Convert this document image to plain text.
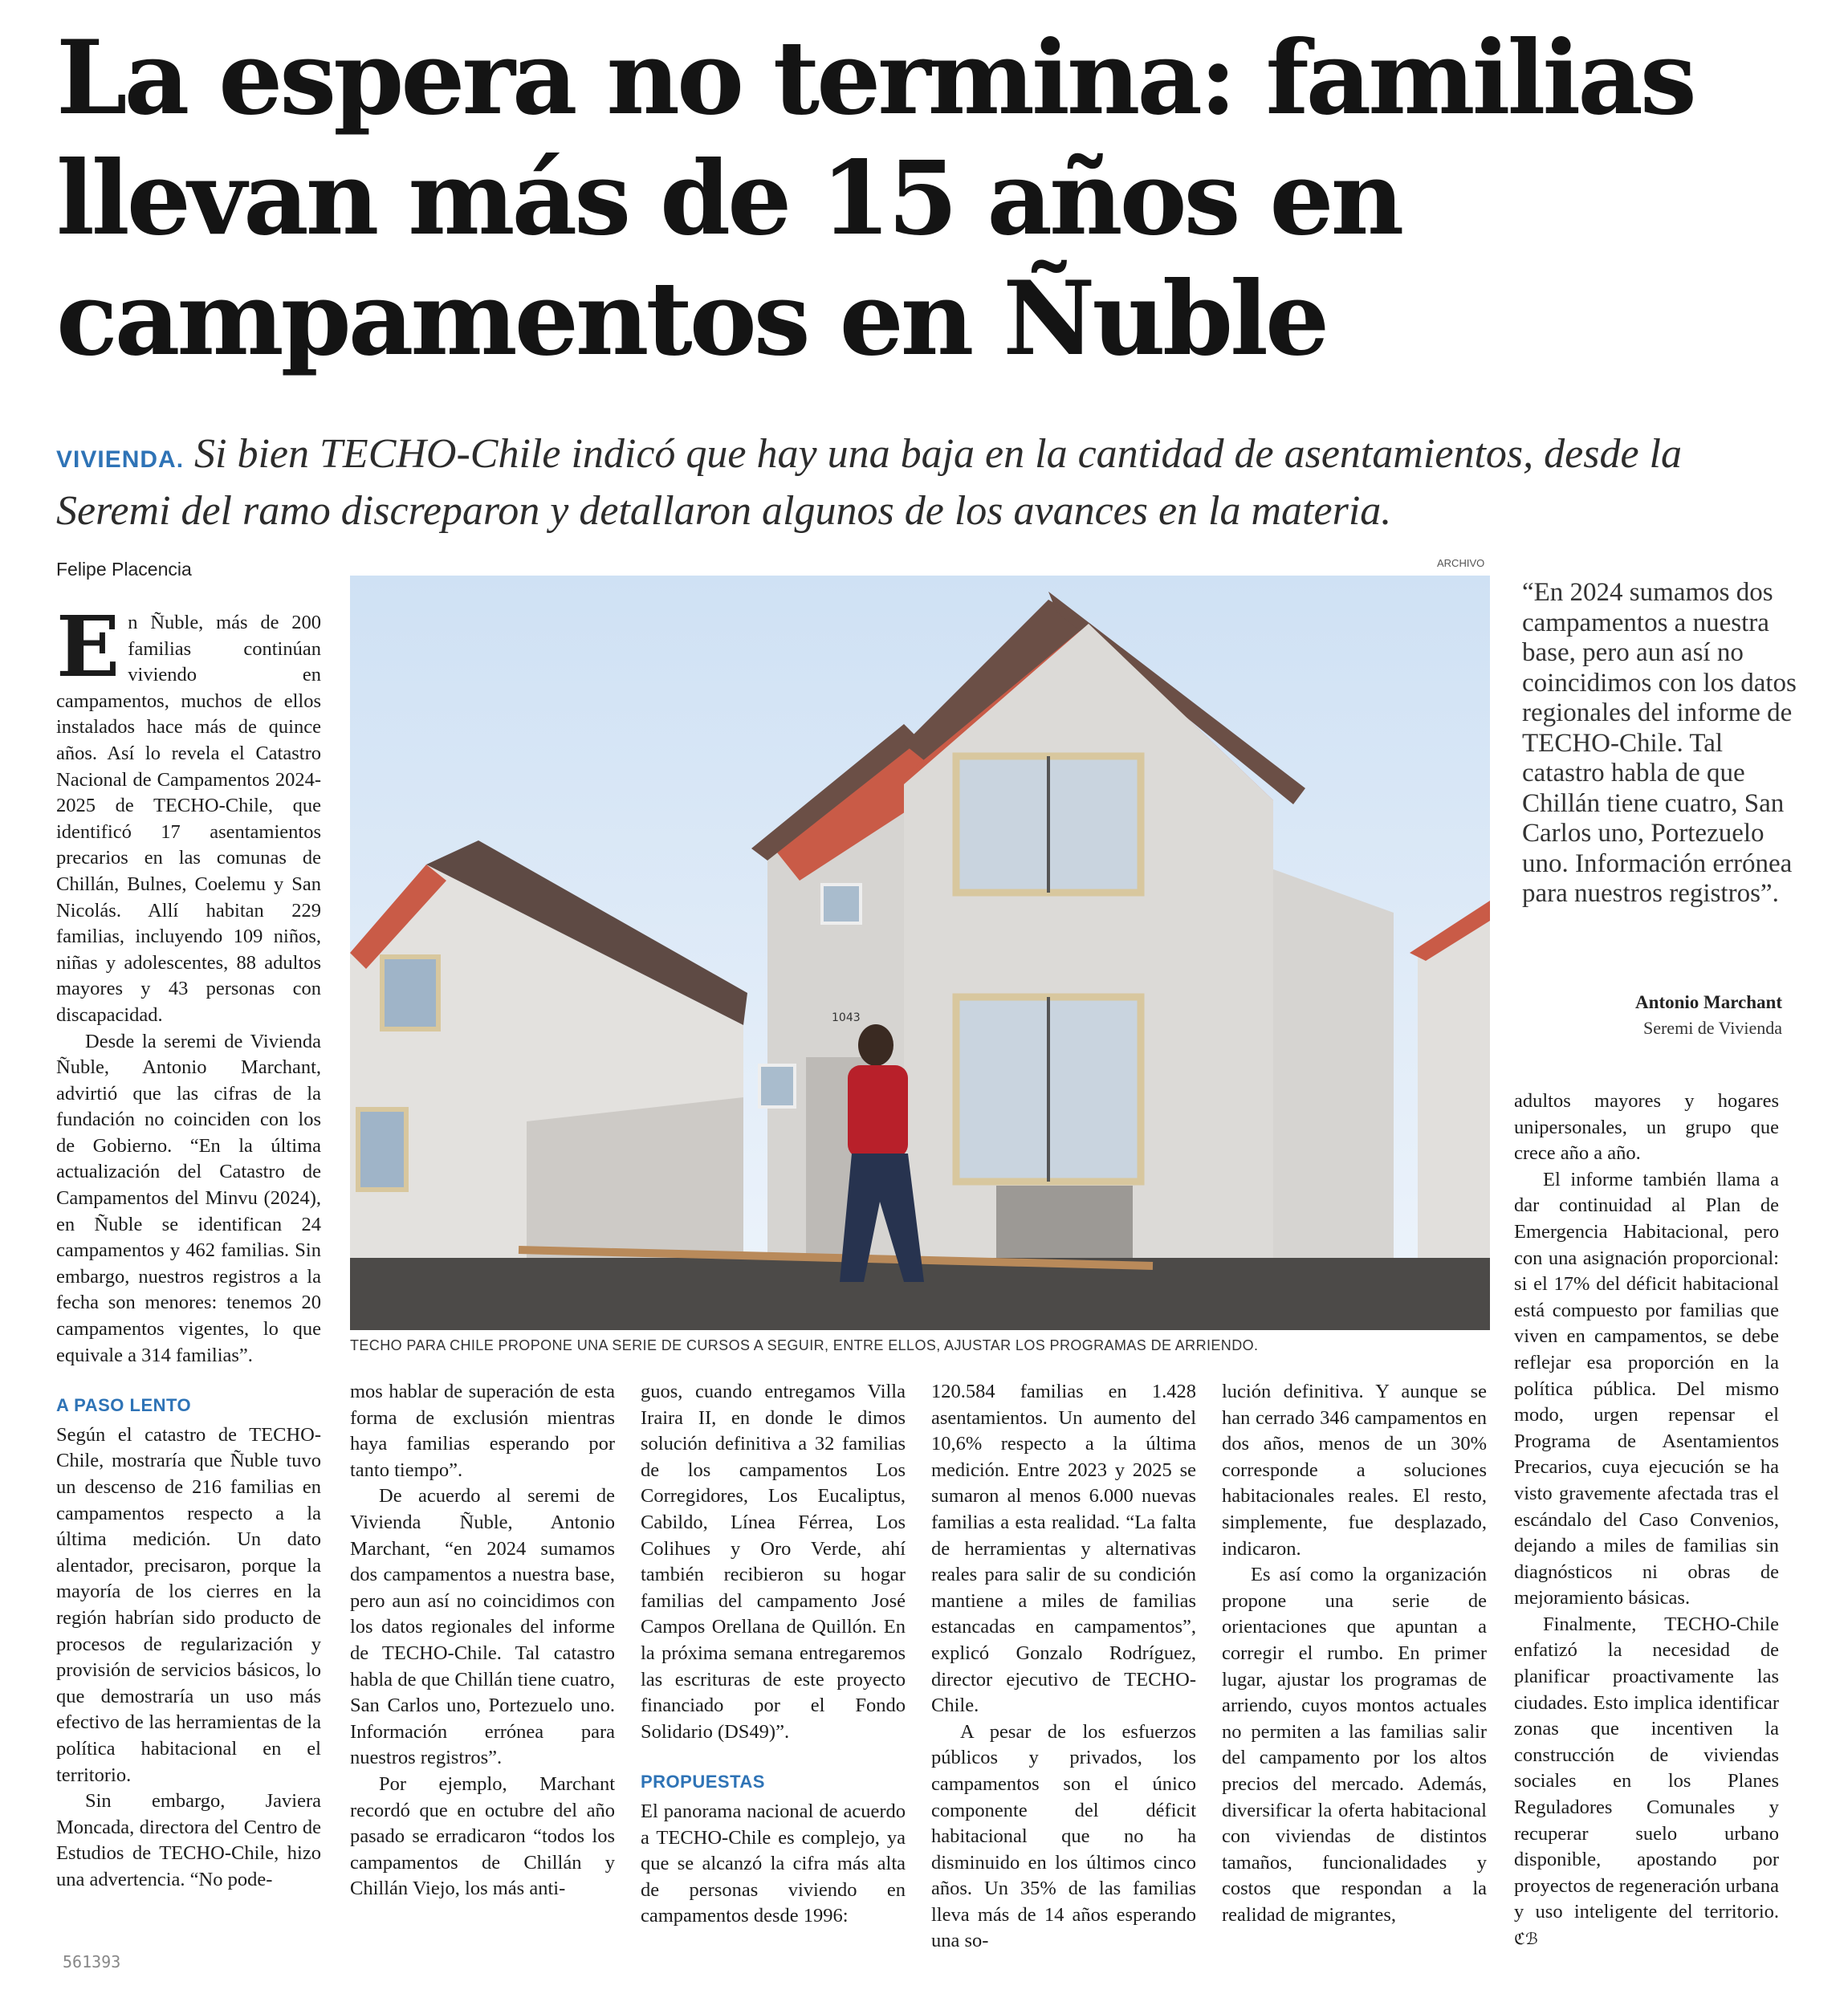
La espera no termina: familias
llevan más de 15 años en
campamentos en Ñuble
VIVIENDA. Si bien TECHO-Chile indicó que hay una baja en la cantidad de asentamientos, desde la Seremi del ramo discreparon y detallaron algunos de los avances en la materia.
Felipe Placencia	ARCHIVO
1043
TECHO PARA CHILE PROPONE UNA SERIE DE CURSOS A SEGUIR, ENTRE ELLOS, AJUSTAR LOS PROGRAMAS DE ARRIENDO.
“En 2024 sumamos dos campamentos a nuestra base, pero aun así no coincidimos con los datos regionales del informe de TECHO-Chile. Tal catastro habla de que Chillán tiene cuatro, San Carlos uno, Portezuelo uno. Información errónea para nuestros registros”.
Antonio Marchant
Seremi de Vivienda

En Ñuble, más de 200 familias continúan viviendo en campamentos, muchos de ellos instalados hace más de quince años. Así lo revela el Catastro Nacional de Campamentos 2024-2025 de TECHO-Chile, que identificó 17 asentamientos precarios en las comunas de Chillán, Bulnes, Coelemu y San Nicolás. Allí habitan 229 familias, incluyendo 109 niños, niñas y adolescentes, 88 adultos mayores y 43 personas con discapacidad.

Desde la seremi de Vivienda Ñuble, Antonio Marchant, advirtió que las cifras de la fundación no coinciden con los de Gobierno. “En la última actualización del Catastro de Campamentos del Minvu (2024), en Ñuble se identifican 24 campamentos y 462 familias. Sin embargo, nuestros registros a la fecha son menores: tenemos 20 campamentos vigentes, lo que equivale a 314 familias”.

A PASO LENTO

Según el catastro de TECHO-Chile, mostraría que Ñuble tuvo un descenso de 216 familias en campamentos respecto a la última medición. Un dato alentador, precisaron, porque la mayoría de los cierres en la región habrían sido producto de procesos de regularización y provisión de servicios básicos, lo que demostraría un uso más efectivo de las herramientas de la política habitacional en el territorio.

Sin embargo, Javiera Moncada, directora del Centro de Estudios de TECHO-Chile, hizo una advertencia. “No pode-

mos hablar de superación de esta forma de exclusión mientras haya familias esperando por tanto tiempo”.

De acuerdo al seremi de Vivienda Ñuble, Antonio Marchant, “en 2024 sumamos dos campamentos a nuestra base, pero aun así no coincidimos con los datos regionales del informe de TECHO-Chile. Tal catastro habla de que Chillán tiene cuatro, San Carlos uno, Portezuelo uno. Información errónea para nuestros registros”.

Por ejemplo, Marchant recordó que en octubre del año pasado se erradicaron “todos los campamentos de Chillán y Chillán Viejo, los más anti-

guos, cuando entregamos Villa Iraira II, en donde le dimos solución definitiva a 32 familias de los campamentos Los Corregidores, Los Eucaliptus, Cabildo, Línea Férrea, Los Colihues y Oro Verde, ahí también recibieron su hogar familias del campamento José Campos Orellana de Quillón. En la próxima semana entregaremos las escrituras de este proyecto financiado por el Fondo Solidario (DS49)”.

PROPUESTAS

El panorama nacional de acuerdo a TECHO-Chile es complejo, ya que se alcanzó la cifra más alta de personas viviendo en campamentos desde 1996:

120.584 familias en 1.428 asentamientos. Un aumento del 10,6% respecto a la última medición. Entre 2023 y 2025 se sumaron al menos 6.000 nuevas familias a esta realidad. “La falta de herramientas y alternativas reales para salir de su condición mantiene a miles de familias estancadas en campamentos”, explicó Gonzalo Rodríguez, director ejecutivo de TECHO-Chile.

A pesar de los esfuerzos públicos y privados, los campamentos son el único componente del déficit habitacional que no ha disminuido en los últimos cinco años. Un 35% de las familias lleva más de 14 años esperando una so-

lución definitiva. Y aunque se han cerrado 346 campamentos en dos años, menos de un 30% corresponde a soluciones habitacionales reales. El resto, simplemente, fue desplazado, indicaron.

Es así como la organización propone una serie de orientaciones que apuntan a corregir el rumbo. En primer lugar, ajustar los programas de arriendo, cuyos montos actuales no permiten a las familias salir del campamento por los altos precios del mercado. Además, diversificar la oferta habitacional con viviendas de distintos tamaños, funcionalidades y costos que respondan a la realidad de migrantes,

adultos mayores y hogares unipersonales, un grupo que crece año a año.

El informe también llama a dar continuidad al Plan de Emergencia Habitacional, pero con una asignación proporcional: si el 17% del déficit habitacional está compuesto por familias que viven en campamentos, se debe reflejar esa proporción en la política pública. Del mismo modo, urgen repensar el Programa de Asentamientos Precarios, cuya ejecución se ha visto gravemente afectada tras el escándalo del Caso Convenios, dejando a miles de familias sin diagnósticos ni obras de mejoramiento básicas.

Finalmente, TECHO-Chile enfatizó la necesidad de planificar proactivamente las ciudades. Esto implica identificar zonas que incentiven la construcción de viviendas sociales en los Planes Reguladores Comunales y recuperar suelo urbano disponible, apostando por proyectos de regeneración urbana y uso inteligente del territorio. ℭℬ

561393
